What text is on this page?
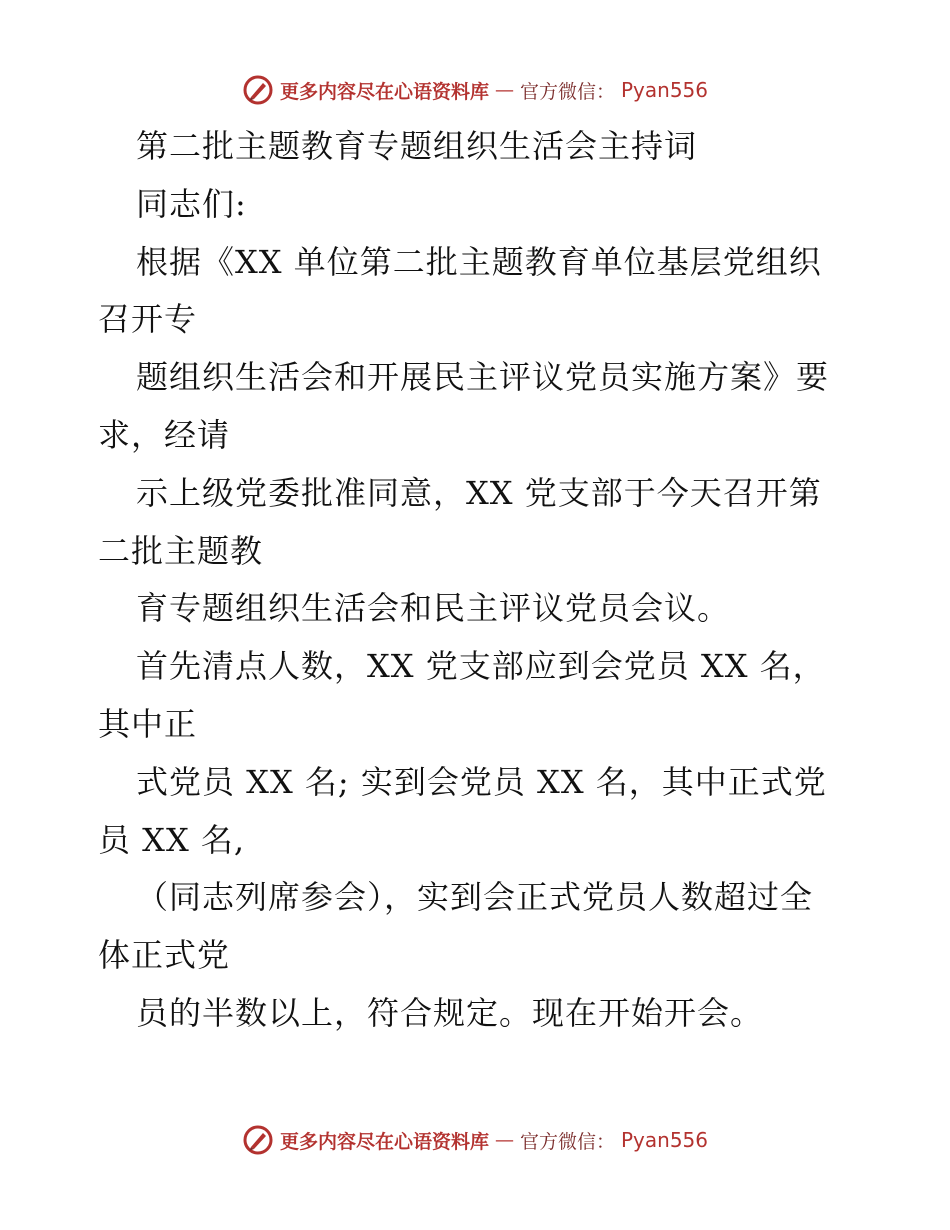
更多内容尽在心语资料库 — 官方微信： Pyan556
第二批主题教育专题组织生活会主持词
同志们:
根据《XX 单位第二批主题教育单位基层党组织
召开专
题组织生活会和开展民主评议党员实施方案》要
求，经请
示上级党委批准同意，XX 党支部于今天召开第
二批主题教
育专题组织生活会和民主评议党员会议。
首先清点人数，XX 党支部应到会党员 XX 名，
其中正
式党员 XX 名; 实到会党员 XX 名，其中正式党
员 XX 名,
（同志列席参会），实到会正式党员人数超过全
体正式党
员的半数以上，符合规定。现在开始开会。
更多内容尽在心语资料库 — 官方微信： Pyan556
